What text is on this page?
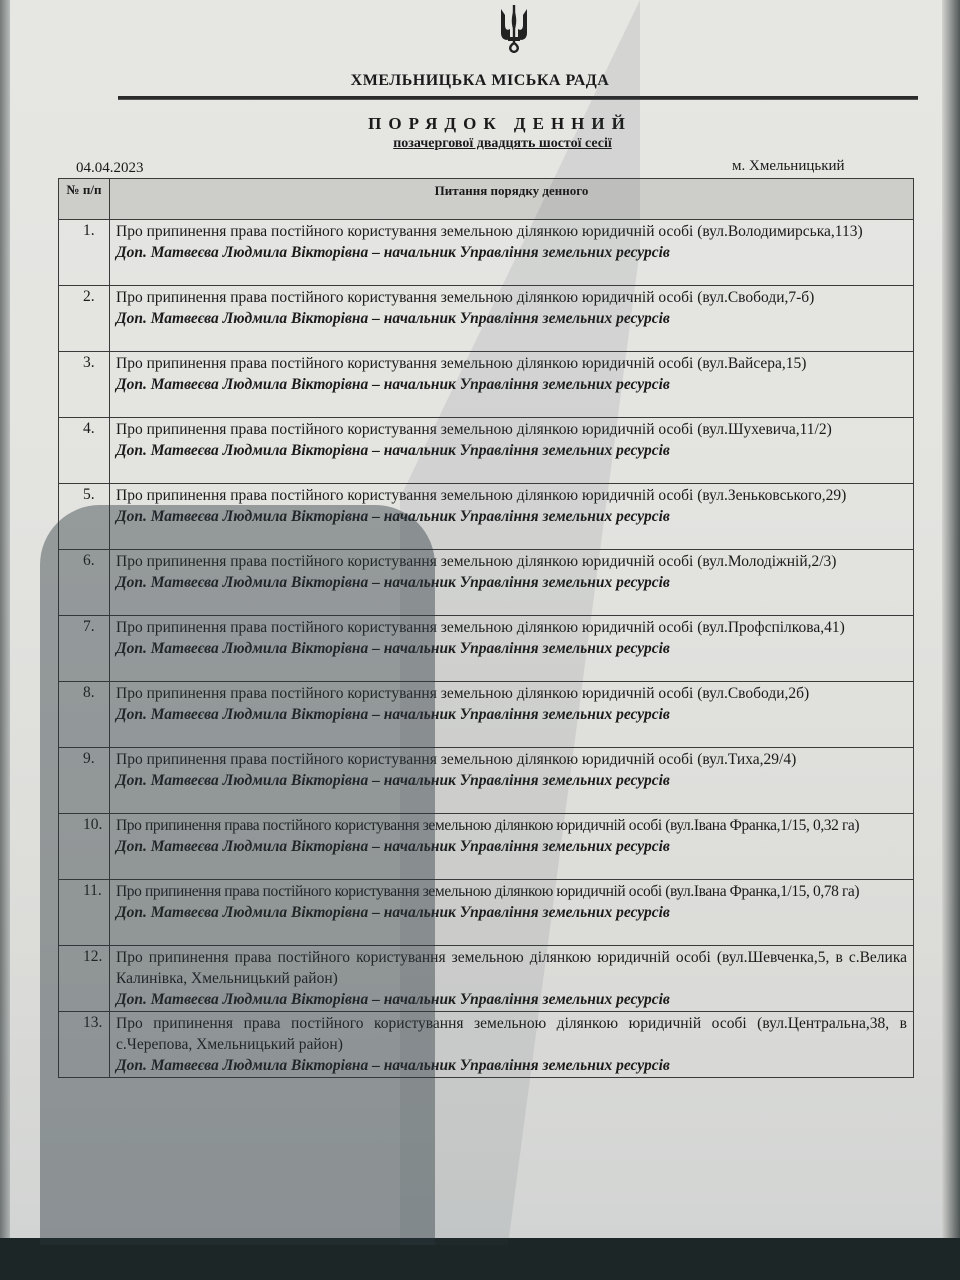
ХМЕЛЬНИЦЬКА МІСЬКА РАДА
ПОРЯДОК ДЕННИЙ
позачергової двадцять шостої сесії
04.04.2023	м. Хмельницький
№ п/п	Питання порядку денного
1.	Про припинення права постійного користування земельною ділянкою юридичній особі (вул.Володимирська,113)
Доп. Матвеєва Людмила Вікторівна – начальник Управління земельних ресурсів

2.	Про припинення права постійного користування земельною ділянкою юридичній особі (вул.Свободи,7-б)
Доп. Матвеєва Людмила Вікторівна – начальник Управління земельних ресурсів

3.	Про припинення права постійного користування земельною ділянкою юридичній особі (вул.Вайсера,15)
Доп. Матвеєва Людмила Вікторівна – начальник Управління земельних ресурсів

4.	Про припинення права постійного користування земельною ділянкою юридичній особі (вул.Шухевича,11/2)
Доп. Матвеєва Людмила Вікторівна – начальник Управління земельних ресурсів

5.	Про припинення права постійного користування земельною ділянкою юридичній особі (вул.Зеньковського,29)
Доп. Матвеєва Людмила Вікторівна – начальник Управління земельних ресурсів

6.	Про припинення права постійного користування земельною ділянкою юридичній особі (вул.Молодіжній,2/3)
Доп. Матвеєва Людмила Вікторівна – начальник Управління земельних ресурсів

7.	Про припинення права постійного користування земельною ділянкою юридичній особі (вул.Профспілкова,41)
Доп. Матвеєва Людмила Вікторівна – начальник Управління земельних ресурсів

8.	Про припинення права постійного користування земельною ділянкою юридичній особі (вул.Свободи,2б)
Доп. Матвеєва Людмила Вікторівна – начальник Управління земельних ресурсів

9.	Про припинення права постійного користування земельною ділянкою юридичній особі (вул.Тиха,29/4)
Доп. Матвеєва Людмила Вікторівна – начальник Управління земельних ресурсів

10.	Про припинення права постійного користування земельною ділянкою юридичній особі (вул.Івана Франка,1/15, 0,32 га)
Доп. Матвеєва Людмила Вікторівна – начальник Управління земельних ресурсів

11.	Про припинення права постійного користування земельною ділянкою юридичній особі (вул.Івана Франка,1/15, 0,78 га)
Доп. Матвеєва Людмила Вікторівна – начальник Управління земельних ресурсів

12.	Про припинення права постійного користування земельною ділянкою юридичній особі (вул.Шевченка,5, в с.Велика Калинівка, Хмельницький район)
Доп. Матвеєва Людмила Вікторівна – начальник Управління земельних ресурсів

13.	Про припинення права постійного користування земельною ділянкою юридичній особі (вул.Центральна,38, в с.Черепова, Хмельницький район)
Доп. Матвеєва Людмила Вікторівна – начальник Управління земельних ресурсів
